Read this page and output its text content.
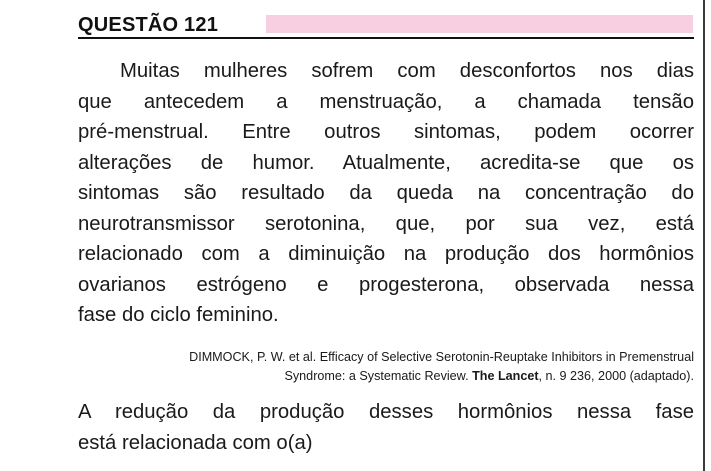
QUESTÃO 121
Muitas mulheres sofrem com desconfortos nos dias
que antecedem a menstruação, a chamada tensão
pré-menstrual. Entre outros sintomas, podem ocorrer
alterações de humor. Atualmente, acredita-se que os
sintomas são resultado da queda na concentração do
neurotransmissor serotonina, que, por sua vez, está
relacionado com a diminuição na produção dos hormônios
ovarianos estrógeno e progesterona, observada nessa
fase do ciclo feminino.
DIMMOCK, P. W. et al. Efficacy of Selective Serotonin-Reuptake Inhibitors in Premenstrual
Syndrome: a Systematic Review. The Lancet, n. 9 236, 2000 (adaptado).
A redução da produção desses hormônios nessa fase
está relacionada com o(a)
